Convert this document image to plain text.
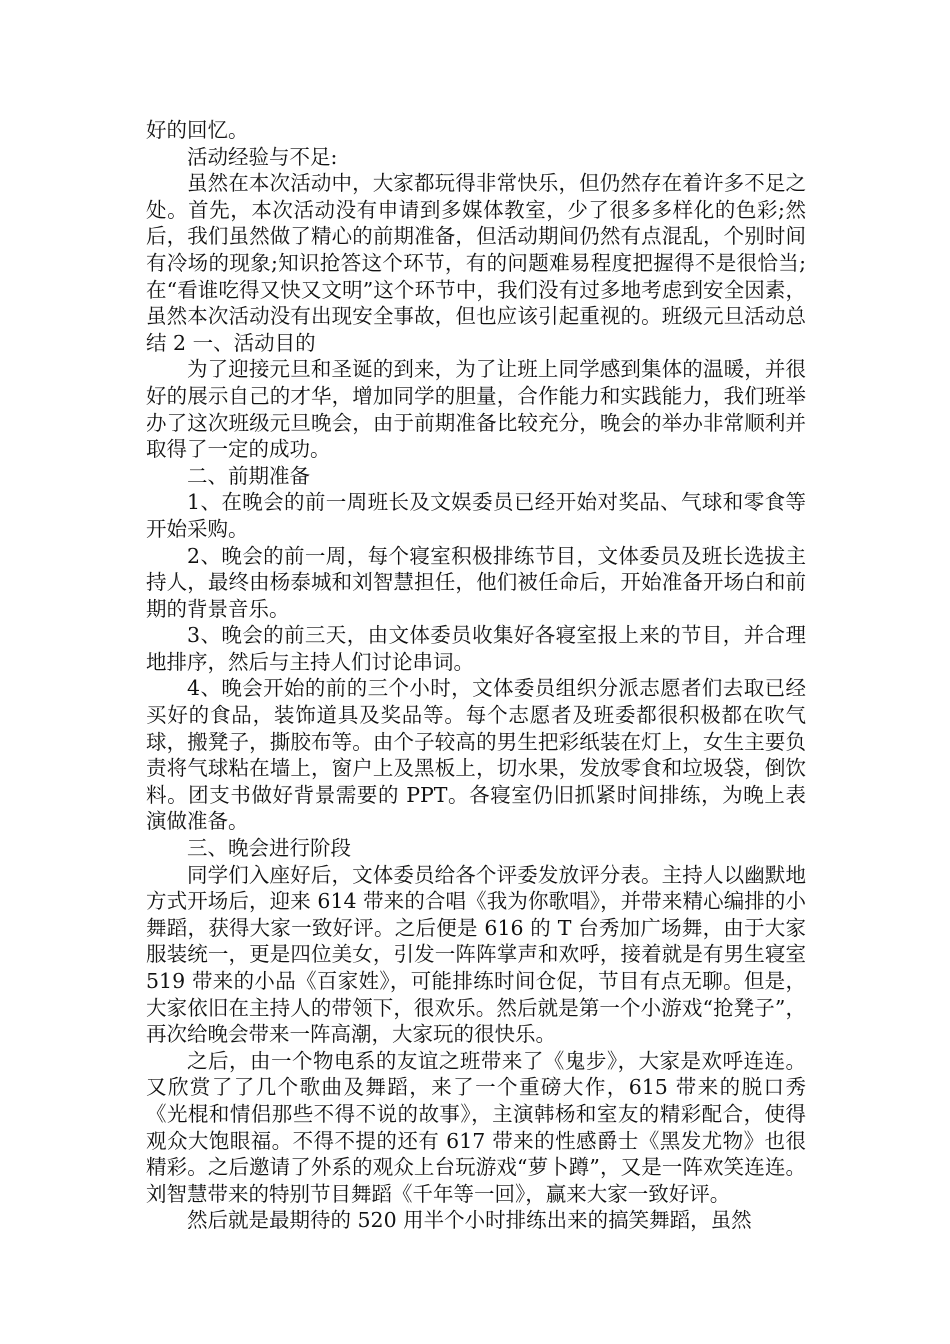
好的回忆。

活动经验与不足:

虽然在本次活动中，大家都玩得非常快乐，但仍然存在着许多不足之处。首先，本次活动没有申请到多媒体教室，少了很多多样化的色彩;然后，我们虽然做了精心的前期准备，但活动期间仍然有点混乱，个别时间有冷场的现象;知识抢答这个环节，有的问题难易程度把握得不是很恰当;在“看谁吃得又快又文明”这个环节中，我们没有过多地考虑到安全因素，虽然本次活动没有出现安全事故，但也应该引起重视的。班级元旦活动总结 2 一、活动目的

为了迎接元旦和圣诞的到来，为了让班上同学感到集体的温暖，并很好的展示自己的才华，增加同学的胆量，合作能力和实践能力，我们班举办了这次班级元旦晚会，由于前期准备比较充分，晚会的举办非常顺利并取得了一定的成功。

二、前期准备

1、在晚会的前一周班长及文娱委员已经开始对奖品、气球和零食等开始采购。

2、晚会的前一周，每个寝室积极排练节目，文体委员及班长选拔主持人，最终由杨泰城和刘智慧担任，他们被任命后，开始准备开场白和前期的背景音乐。

3、晚会的前三天，由文体委员收集好各寝室报上来的节目，并合理地排序，然后与主持人们讨论串词。

4、晚会开始的前的三个小时，文体委员组织分派志愿者们去取已经买好的食品，装饰道具及奖品等。每个志愿者及班委都很积极都在吹气球，搬凳子，撕胶布等。由个子较高的男生把彩纸装在灯上，女生主要负责将气球粘在墙上，窗户上及黑板上，切水果，发放零食和垃圾袋，倒饮料。团支书做好背景需要的 PPT。各寝室仍旧抓紧时间排练，为晚上表演做准备。

三、晚会进行阶段

同学们入座好后，文体委员给各个评委发放评分表。主持人以幽默地方式开场后，迎来 614 带来的合唱《我为你歌唱》，并带来精心编排的小舞蹈，获得大家一致好评。之后便是 616 的 T 台秀加广场舞，由于大家服装统一，更是四位美女，引发一阵阵掌声和欢呼，接着就是有男生寝室 519 带来的小品《百家姓》，可能排练时间仓促，节目有点无聊。但是，大家依旧在主持人的带领下，很欢乐。然后就是第一个小游戏“抢凳子”，再次给晚会带来一阵高潮，大家玩的很快乐。

之后，由一个物电系的友谊之班带来了《鬼步》，大家是欢呼连连。又欣赏了了几个歌曲及舞蹈，来了一个重磅大作，615 带来的脱口秀《光棍和情侣那些不得不说的故事》，主演韩杨和室友的精彩配合，使得观众大饱眼福。不得不提的还有 617 带来的性感爵士《黑发尤物》也很精彩。之后邀请了外系的观众上台玩游戏“萝卜蹲”，又是一阵欢笑连连。刘智慧带来的特别节目舞蹈《千年等一回》，赢来大家一致好评。

然后就是最期待的 520 用半个小时排练出来的搞笑舞蹈，虽然
